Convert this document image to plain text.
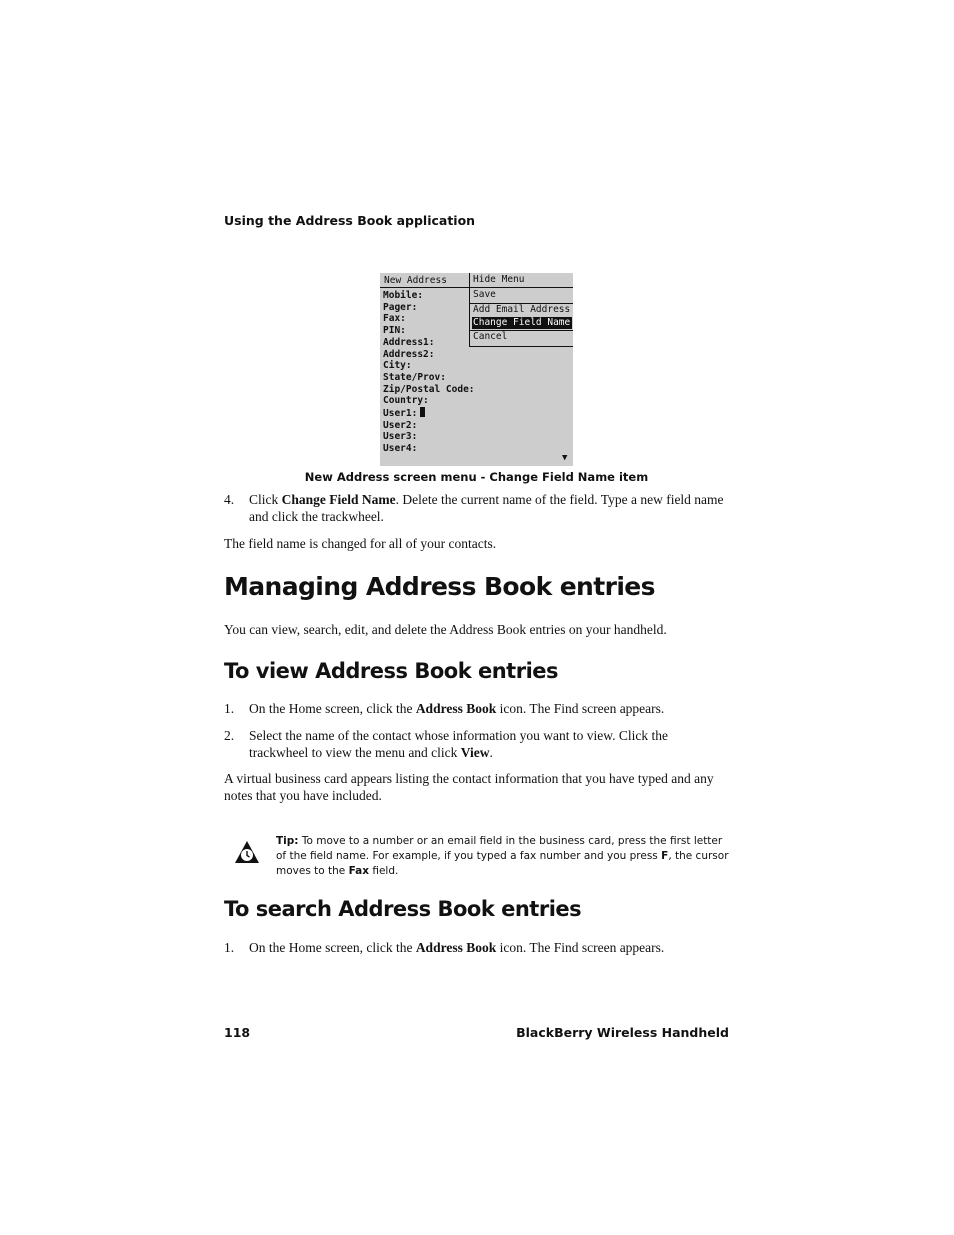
Using the Address Book application
New Address
Mobile:
Pager:
Fax:
PIN:
Address1:
Address2:
City:
State/Prov:
Zip/Postal Code:
Country:
User1:
User2:
User3:
User4:
Hide Menu
Save
Add Email Address
Change Field Name
Cancel
▼
New Address screen menu - Change Field Name item
4. Click Change Field Name. Delete the current name of the field. Type a new field name and click the trackwheel.
The field name is changed for all of your contacts.
Managing Address Book entries
You can view, search, edit, and delete the Address Book entries on your handheld.
To view Address Book entries
1. On the Home screen, click the Address Book icon. The Find screen appears.
2. Select the name of the contact whose information you want to view. Click the trackwheel to view the menu and click View.
A virtual business card appears listing the contact information that you have typed and any notes that you have included.
Tip: To move to a number or an email field in the business card, press the first letter of the field name. For example, if you typed a fax number and you press F, the cursor moves to the Fax field.
To search Address Book entries
1. On the Home screen, click the Address Book icon. The Find screen appears.
118	BlackBerry Wireless Handheld
